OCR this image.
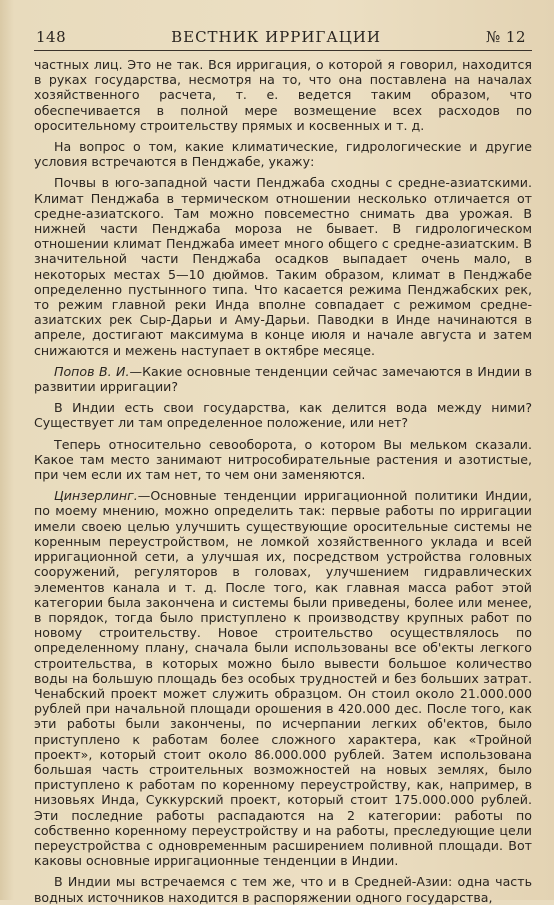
148	ВЕСТНИК ИРРИГАЦИИ	№ 12

частных лиц. Это не так. Вся ирригация, о которой я говорил, находится в руках государства, несмотря на то, что она поставлена на началах хозяйственного расчета, т. е. ведется таким образом, что обеспечивается в полной мере возмещение всех расходов по оросительному строительству прямых и косвенных и т. д.

На вопрос о том, какие климатические, гидрологические и другие условия встречаются в Пенджабе, укажу:

Почвы в юго-западной части Пенджаба сходны с средне-азиатскими. Климат Пенджаба в термическом отношении несколько отличается от средне-азиатского. Там можно повсеместно снимать два урожая. В нижней части Пенджаба мороза не бывает. В гидрологическом отношении климат Пенджаба имеет много общего с средне-азиатским. В значительной части Пенджаба осадков выпадает очень мало, в некоторых местах 5—10 дюймов. Таким образом, климат в Пенджабе определенно пустынного типа. Что касается режима Пенджабских рек, то режим главной реки Инда вполне совпадает с режимом средне-азиатских рек Сыр-Дарьи и Аму-Дарьи. Паводки в Инде начинаются в апреле, достигают максимума в конце июля и начале августа и затем снижаются и межень наступает в октябре месяце.

Попов В. И.—Какие основные тенденции сейчас замечаются в Индии в развитии ирригации?

В Индии есть свои государства, как делится вода между ними? Существует ли там определенное положение, или нет?

Теперь относительно севооборота, о котором Вы мельком сказали. Какое там место занимают нитрособирательные растения и азотистые, при чем если их там нет, то чем они заменяются.

Цинзерлинг.—Основные тенденции ирригационной политики Индии, по моему мнению, можно определить так: первые работы по ирригации имели своею целью улучшить существующие оросительные системы не коренным переустройством, не ломкой хозяйственного уклада и всей ирригационной сети, а улучшая их, посредством устройства головных сооружений, регуляторов в головах, улучшением гидравлических элементов канала и т. д. После того, как главная масса работ этой категории была закончена и системы были приведены, более или менее, в порядок, тогда было приступлено к производству крупных работ по новому строительству. Новое строительство осуществлялось по определенному плану, сначала были использованы все об'екты легкого строительства, в которых можно было вывести большое количество воды на большую площадь без особых трудностей и без больших затрат. Ченабский проект может служить образцом. Он стоил около 21.000.000 рублей при начальной площади орошения в 420.000 дес. После того, как эти работы были закончены, по исчерпании легких об'ектов, было приступлено к работам более сложного характера, как «Тройной проект», который стоит около 86.000.000 рублей. Затем использована большая часть строительных возможностей на новых землях, было приступлено к работам по коренному переустройству, как, например, в низовьях Инда, Суккурский проект, который стоит 175.000.000 рублей. Эти последние работы распадаются на 2 категории: работы по собственно коренному переустройству и на работы, преследующие цели переустройства с одновременным расширением поливной площади. Вот каковы основные ирригационные тенденции в Индии.

В Индии мы встречаемся с тем же, что и в Средней-Азии: одна часть водных источников находится в распоряжении одного государства,
